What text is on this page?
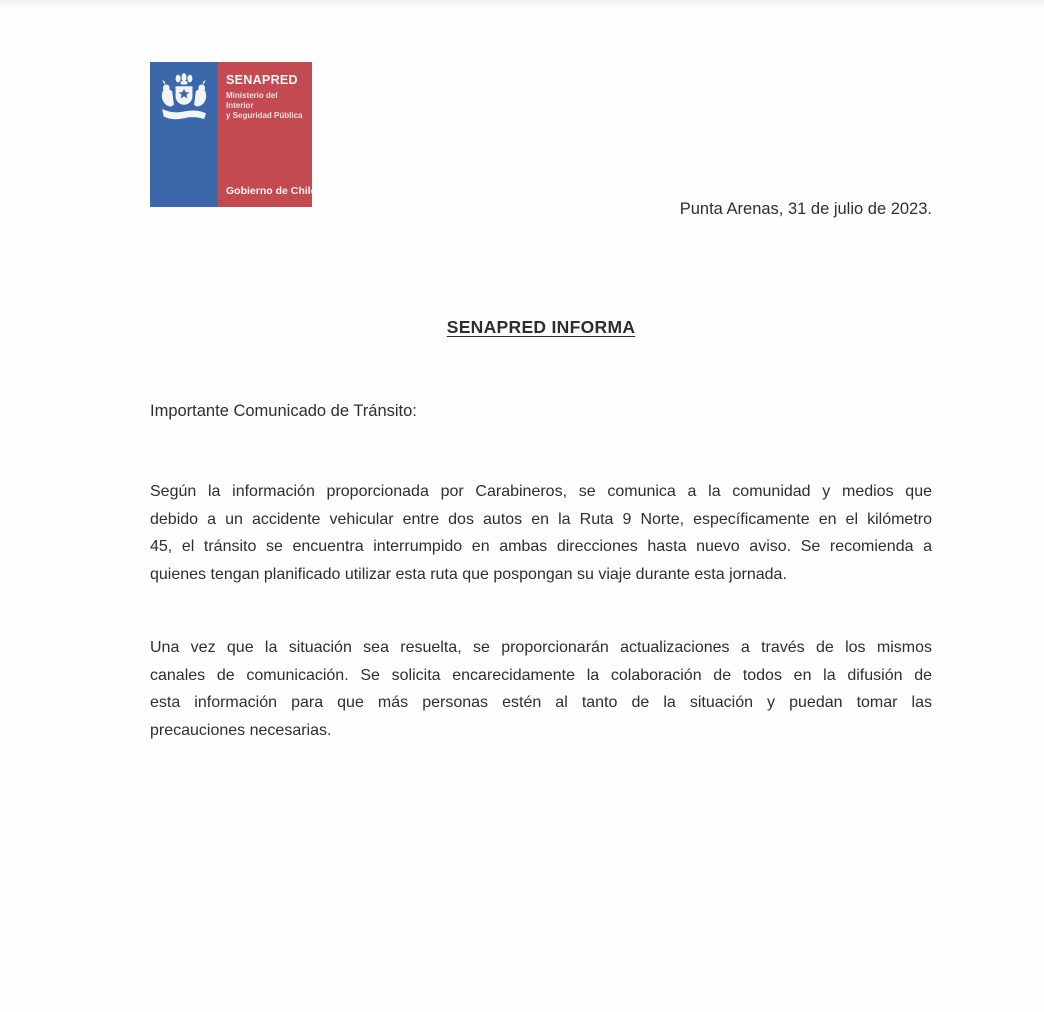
SENAPRED
Ministerio del Interior
y Seguridad Pública
Gobierno de Chile
Punta Arenas, 31 de julio de 2023.
SENAPRED INFORMA
Importante Comunicado de Tránsito:
Según la información proporcionada por Carabineros, se comunica a la comunidad y medios que
debido a un accidente vehicular entre dos autos en la Ruta 9 Norte, específicamente en el kilómetro
45, el tránsito se encuentra interrumpido en ambas direcciones hasta nuevo aviso. Se recomienda a
quienes tengan planificado utilizar esta ruta que pospongan su viaje durante esta jornada.
Una vez que la situación sea resuelta, se proporcionarán actualizaciones a través de los mismos
canales de comunicación. Se solicita encarecidamente la colaboración de todos en la difusión de
esta información para que más personas estén al tanto de la situación y puedan tomar las
precauciones necesarias.
